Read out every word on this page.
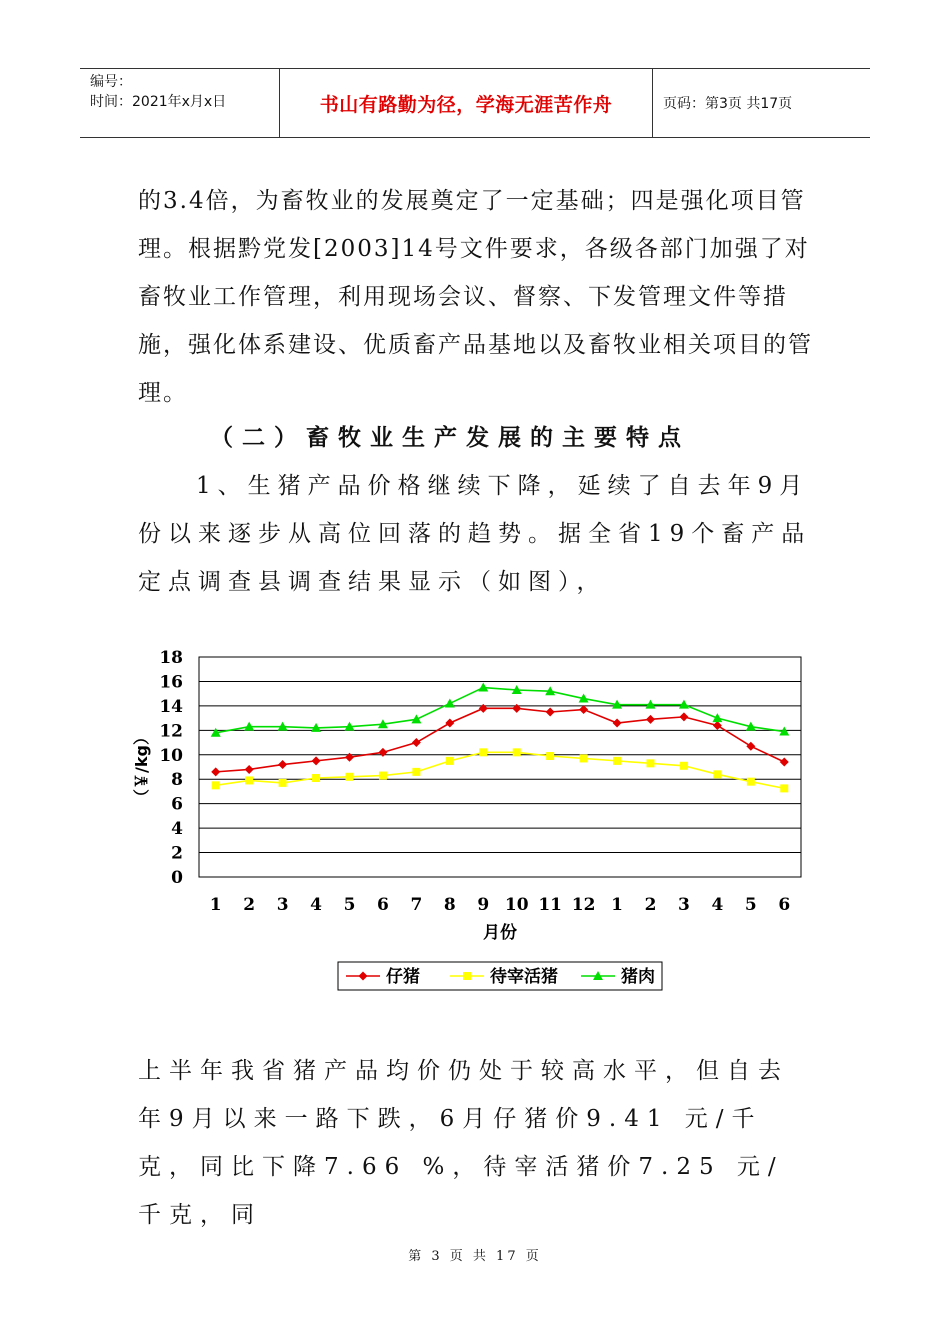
编号：
时间：2021年x月x日	书山有路勤为径，学海无涯苦作舟	页码：第3页 共17页

的3.4倍，为畜牧业的发展奠定了一定基础；四是强化项目管理。根据黔党发[2003]14号文件要求，各级各部门加强了对畜牧业工作管理，利用现场会议、督察、下发管理文件等措施，强化体系建设、优质畜产品基地以及畜牧业相关项目的管理。

（二）畜牧业生产发展的主要特点

1、生猪产品价格继续下降，延续了自去年9月份以来逐步从高位回落的趋势。据全省19个畜产品定点调查县调查结果显示（如图），

0
2
4
6
8
10
12
14
16
18
1 2 3 4 5 6 7 8 9 10 11 12 1 2 3 4 5 6
月份
（￥/kg）
仔猪	待宰活猪	猪肉

上半年我省猪产品均价仍处于较高水平，但自去年9月以来一路下跌，6月仔猪价9.41 元/千克，同比下降7.66 %，待宰活猪价7.25 元/千克，同

第 3 页 共 17 页
